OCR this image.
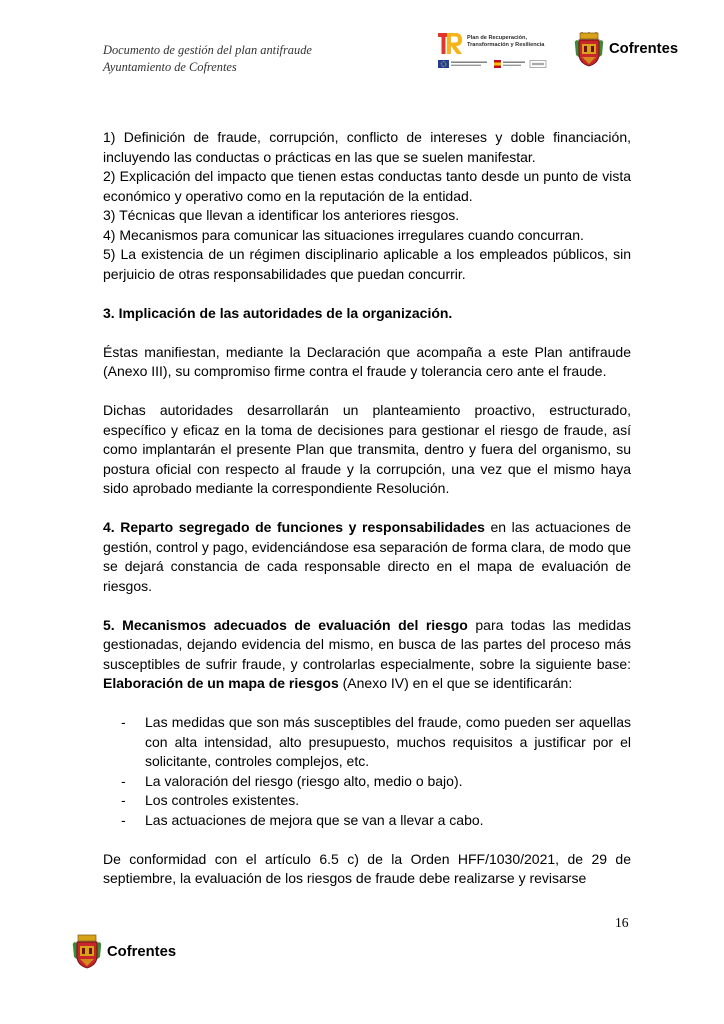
Documento de gestión del plan antifraude
Ayuntamiento de Cofrentes
Plan de Recuperación,
Transformación y Resiliencia	Cofrentes

1) Definición de fraude, corrupción, conflicto de intereses y doble financiación, incluyendo las conductas o prácticas en las que se suelen manifestar.

2) Explicación del impacto que tienen estas conductas tanto desde un punto de vista económico y operativo como en la reputación de la entidad.

3) Técnicas que llevan a identificar los anteriores riesgos.

4) Mecanismos para comunicar las situaciones irregulares cuando concurran.

5) La existencia de un régimen disciplinario aplicable a los empleados públicos, sin perjuicio de otras responsabilidades que puedan concurrir.

3. Implicación de las autoridades de la organización.

Éstas manifiestan, mediante la Declaración que acompaña a este Plan antifraude (Anexo III), su compromiso firme contra el fraude y tolerancia cero ante el fraude.

Dichas autoridades desarrollarán un planteamiento proactivo, estructurado, específico y eficaz en la toma de decisiones para gestionar el riesgo de fraude, así como implantarán el presente Plan que transmita, dentro y fuera del organismo, su postura oficial con respecto al fraude y la corrupción, una vez que el mismo haya sido aprobado mediante la correspondiente Resolución.

4. Reparto segregado de funciones y responsabilidades en las actuaciones de gestión, control y pago, evidenciándose esa separación de forma clara, de modo que se dejará constancia de cada responsable directo en el mapa de evaluación de riesgos.

5. Mecanismos adecuados de evaluación del riesgo para todas las medidas gestionadas, dejando evidencia del mismo, en busca de las partes del proceso más susceptibles de sufrir fraude, y controlarlas especialmente, sobre la siguiente base: Elaboración de un mapa de riesgos (Anexo IV) en el que se identificarán:

- Las medidas que son más susceptibles del fraude, como pueden ser aquellas con alta intensidad, alto presupuesto, muchos requisitos a justificar por el solicitante, controles complejos, etc.
- La valoración del riesgo (riesgo alto, medio o bajo).
- Los controles existentes.
- Las actuaciones de mejora que se van a llevar a cabo.

De conformidad con el artículo 6.5 c) de la Orden HFF/1030/2021, de 29 de septiembre, la evaluación de los riesgos de fraude debe realizarse y revisarse

16
Cofrentes
